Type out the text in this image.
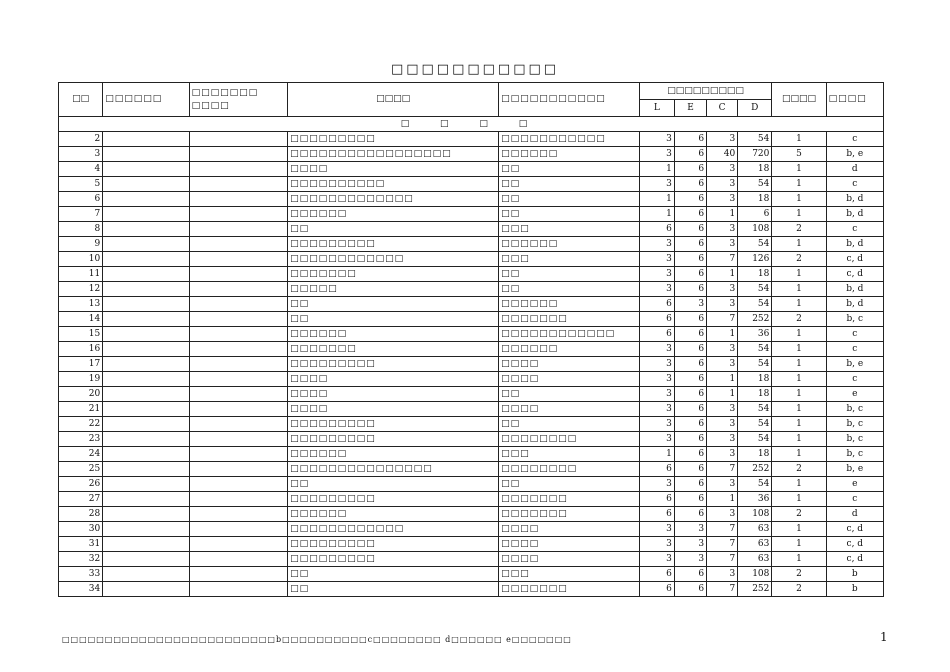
□□□□□□□□□□□
□□	□□□□□□	□□□□□□□
□□□□	□□□□	□□□□□□□□□□□	□□□□□□□□□				□□□□	□□□□
					L	E	C	D		
□ □ □ □										
2			□□□□□□□□□	□□□□□□□□□□□	3	6	3	54	1	c
3			□□□□□□□□□□□□□□□□□	□□□□□□	3	6	40	720	5	b, e
4			□□□□	□□	1	6	3	18	1	d
5			□□□□□□□□□□	□□	3	6	3	54	1	c
6			□□□□□□□□□□□□□	□□	1	6	3	18	1	b, d
7			□□□□□□	□□	1	6	1	6	1	b, d
8			□□	□□□	6	6	3	108	2	c
9			□□□□□□□□□	□□□□□□	3	6	3	54	1	b, d
10			□□□□□□□□□□□□	□□□	3	6	7	126	2	c, d
11			□□□□□□□	□□	3	6	1	18	1	c, d
12			□□□□□	□□	3	6	3	54	1	b, d
13			□□	□□□□□□	6	3	3	54	1	b, d
14			□□	□□□□□□□	6	6	7	252	2	b, c
15			□□□□□□	□□□□□□□□□□□□	6	6	1	36	1	c
16			□□□□□□□	□□□□□□	3	6	3	54	1	c
17			□□□□□□□□□	□□□□	3	6	3	54	1	b, e
19			□□□□	□□□□	3	6	1	18	1	c
20			□□□□	□□	3	6	1	18	1	e
21			□□□□	□□□□	3	6	3	54	1	b, c
22			□□□□□□□□□	□□	3	6	3	54	1	b, c
23			□□□□□□□□□	□□□□□□□□	3	6	3	54	1	b, c
24			□□□□□□	□□□	1	6	3	18	1	b, c
25			□□□□□□□□□□□□□□□	□□□□□□□□	6	6	7	252	2	b, e
26			□□	□□	3	6	3	54	1	e
27			□□□□□□□□□	□□□□□□□	6	6	1	36	1	c
28			□□□□□□	□□□□□□□	6	6	3	108	2	d
30			□□□□□□□□□□□□	□□□□	3	3	7	63	1	c, d
31			□□□□□□□□□	□□□□	3	3	7	63	1	c, d
32			□□□□□□□□□	□□□□	3	3	7	63	1	c, d
33			□□	□□□	6	6	3	108	2	b
34			□□	□□□□□□□	6	6	7	252	2	b
□□□□□□□□□□□□□□□□□□□□□□□□□b□□□□□□□□□□c□□□□□□□□ d□□□□□□ e□□□□□□□	1
